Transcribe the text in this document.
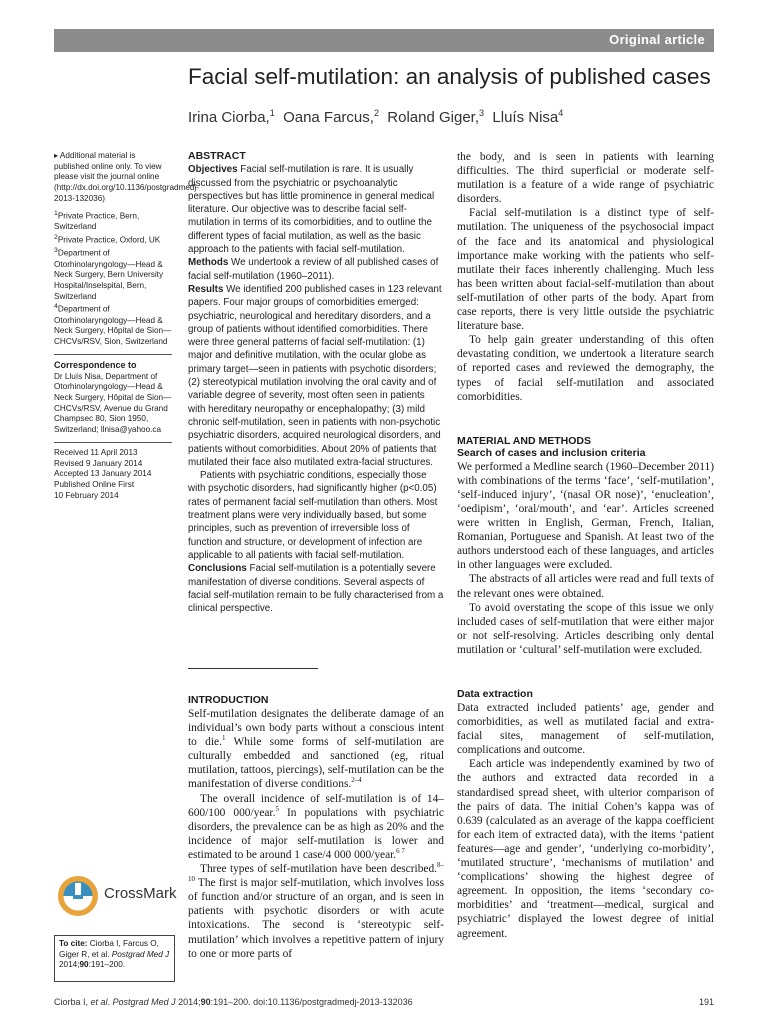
Original article
Facial self-mutilation: an analysis of published cases
Irina Ciorba,$^1$ Oana Farcus,$^2$ Roland Giger,$^3$ Lluís Nisa$^4$

▸ Additional material is published online only. To view please visit the journal online (http://dx.doi.org/10.1136/postgradmedj-2013-132036)

$^1$Private Practice, Bern, Switzerland
$^2$Private Practice, Oxford, UK
$^3$Department of Otorhinolaryngology—Head & Neck Surgery, Bern University Hospital/Inselspital, Bern, Switzerland
$^4$Department of Otorhinolaryngology—Head & Neck Surgery, Hôpital de Sion—CHCVs/RSV, Sion, Switzerland
Correspondence to

Dr Lluís Nisa, Department of Otorhinolaryngology—Head & Neck Surgery, Hôpital de Sion—CHCVs/RSV, Avenue du Grand Champsec 80, Sion 1950, Switzerland; llnisa@yahoo.ca

Received 11 April 2013
Revised 9 January 2014
Accepted 13 January 2014
Published Online First
10 February 2014
CrossMark
To cite: Ciorba I, Farcus O, Giger R, et al. Postgrad Med J 2014;90:191–200.

ABSTRACT

Objectives Facial self-mutilation is rare. It is usually discussed from the psychiatric or psychoanalytic perspectives but has little prominence in general medical literature. Our objective was to describe facial self-mutilation in terms of its comorbidities, and to outline the different types of facial mutilation, as well as the basic approach to the patients with facial self-mutilation.

Methods We undertook a review of all published cases of facial self-mutilation (1960–2011).

Results We identified 200 published cases in 123 relevant papers. Four major groups of comorbidities emerged: psychiatric, neurological and hereditary disorders, and a group of patients without identified comorbidities. There were three general patterns of facial self-mutilation: (1) major and definitive mutilation, with the ocular globe as primary target—seen in patients with psychotic disorders; (2) stereotypical mutilation involving the oral cavity and of variable degree of severity, most often seen in patients with hereditary neuropathy or encephalopathy; (3) mild chronic self-mutilation, seen in patients with non-psychotic psychiatric disorders, acquired neurological disorders, and patients without comorbidities. About 20% of patients that mutilated their face also mutilated extra-facial structures.

Patients with psychiatric conditions, especially those with psychotic disorders, had significantly higher (p<0.05) rates of permanent facial self-mutilation than others. Most treatment plans were very individually based, but some principles, such as prevention of irreversible loss of function and structure, or development of infection are applicable to all patients with facial self-mutilation.

Conclusions Facial self-mutilation is a potentially severe manifestation of diverse conditions. Several aspects of facial self-mutilation remain to be fully characterised from a clinical perspective.

INTRODUCTION

Self-mutilation designates the deliberate damage of an individual’s own body parts without a conscious intent to die.$^1$ While some forms of self-mutilation are culturally embedded and sanctioned (eg, ritual mutilation, tattoos, piercings), self-mutilation can be the manifestation of diverse conditions.$^{2-4}$

The overall incidence of self-mutilation is of 14–600/100 000/year.$^5$ In populations with psychiatric disorders, the prevalence can be as high as 20% and the incidence of major self-mutilation is lower and estimated to be around 1 case/4 000 000/year.$^{6 7}$

Three types of self-mutilation have been described.$^{8-10}$ The first is major self-mutilation, which involves loss of function and/or structure of an organ, and is seen in patients with psychotic disorders or with acute intoxications. The second is ‘stereotypic self-mutilation’ which involves a repetitive pattern of injury to one or more parts of

the body, and is seen in patients with learning difficulties. The third superficial or moderate self-mutilation is a feature of a wide range of psychiatric disorders.

Facial self-mutilation is a distinct type of self-mutilation. The uniqueness of the psychosocial impact of the face and its anatomical and physiological importance make working with the patients who self-mutilate their faces inherently challenging. Much less has been written about facial-self-mutilation than about self-mutilation of other parts of the body. Apart from case reports, there is very little outside the psychiatric literature base.

To help gain greater understanding of this often devastating condition, we undertook a literature search of reported cases and reviewed the demography, the types of facial self-mutilation and associated comorbidities.

MATERIAL AND METHODS

Search of cases and inclusion criteria

We performed a Medline search (1960–December 2011) with combinations of the terms ‘face’, ‘self-mutilation’, ‘self-induced injury’, ‘(nasal OR nose)’, ‘enucleation’, ‘oedipism’, ‘oral/mouth’, and ‘ear’. Articles screened were written in English, German, French, Italian, Romanian, Portuguese and Spanish. At least two of the authors understood each of these languages, and articles in other languages were excluded.

The abstracts of all articles were read and full texts of the relevant ones were obtained.

To avoid overstating the scope of this issue we only included cases of self-mutilation that were either major or not self-resolving. Articles describing only dental mutilation or ‘cultural’ self-mutilation were excluded.

Data extraction

Data extracted included patients’ age, gender and comorbidities, as well as mutilated facial and extra-facial sites, management of self-mutilation, complications and outcome.

Each article was independently examined by two of the authors and extracted data recorded in a standardised spread sheet, with ulterior comparison of the pairs of data. The initial Cohen’s kappa was of 0.639 (calculated as an average of the kappa coefficient for each item of extracted data), with the items ‘patient features—age and gender’, ‘underlying co-morbidity’, ‘mutilated structure’, ‘mechanisms of mutilation’ and ‘complications’ showing the highest degree of agreement. In opposition, the items ‘secondary co-morbidities’ and ‘treatment—medical, surgical and psychiatric’ displayed the lowest degree of initial agreement.

Ciorba I, et al. Postgrad Med J 2014;90:191–200. doi:10.1136/postgradmedj-2013-132036	191
